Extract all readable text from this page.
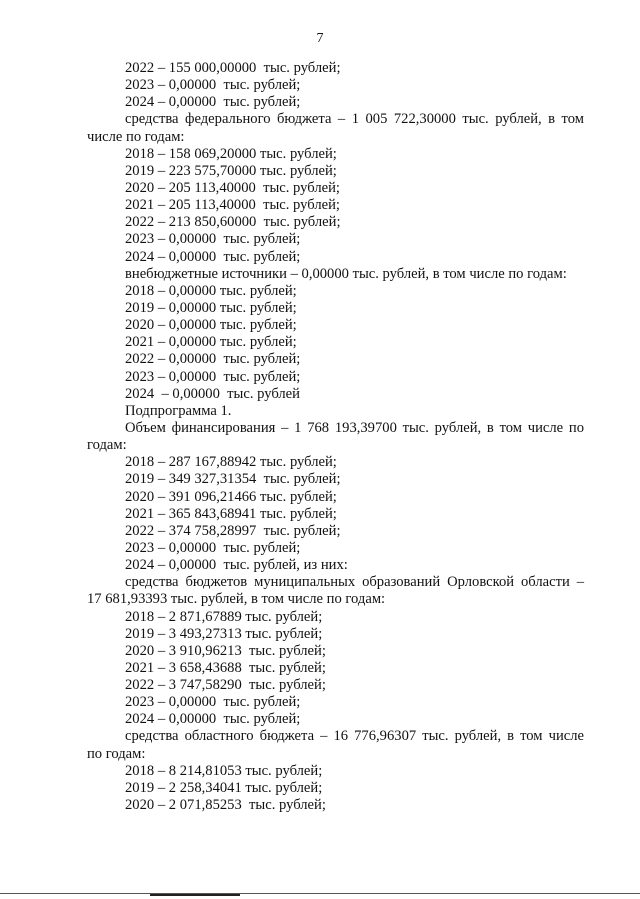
7
2022 – 155 000,00000  тыс. рублей;
2023 – 0,00000  тыс. рублей;
2024 – 0,00000  тыс. рублей;
средства федерального бюджета – 1 005 722,30000 тыс. рублей, в том
числе по годам:
2018 – 158 069,20000 тыс. рублей;
2019 – 223 575,70000 тыс. рублей;
2020 – 205 113,40000  тыс. рублей;
2021 – 205 113,40000  тыс. рублей;
2022 – 213 850,60000  тыс. рублей;
2023 – 0,00000  тыс. рублей;
2024 – 0,00000  тыс. рублей;
внебюджетные источники – 0,00000 тыс. рублей, в том числе по годам:
2018 – 0,00000 тыс. рублей;
2019 – 0,00000 тыс. рублей;
2020 – 0,00000 тыс. рублей;
2021 – 0,00000 тыс. рублей;
2022 – 0,00000  тыс. рублей;
2023 – 0,00000  тыс. рублей;
2024  – 0,00000  тыс. рублей
Подпрограмма 1.
Объем финансирования – 1 768 193,39700 тыс. рублей, в том числе по
годам:
2018 – 287 167,88942 тыс. рублей;
2019 – 349 327,31354  тыс. рублей;
2020 – 391 096,21466 тыс. рублей;
2021 – 365 843,68941 тыс. рублей;
2022 – 374 758,28997  тыс. рублей;
2023 – 0,00000  тыс. рублей;
2024 – 0,00000  тыс. рублей, из них:
средства бюджетов муниципальных образований Орловской области –
17 681,93393 тыс. рублей, в том числе по годам:
2018 – 2 871,67889 тыс. рублей;
2019 – 3 493,27313 тыс. рублей;
2020 – 3 910,96213  тыс. рублей;
2021 – 3 658,43688  тыс. рублей;
2022 – 3 747,58290  тыс. рублей;
2023 – 0,00000  тыс. рублей;
2024 – 0,00000  тыс. рублей;
средства областного бюджета – 16 776,96307 тыс. рублей, в том числе
по годам:
2018 – 8 214,81053 тыс. рублей;
2019 – 2 258,34041 тыс. рублей;
2020 – 2 071,85253  тыс. рублей;
